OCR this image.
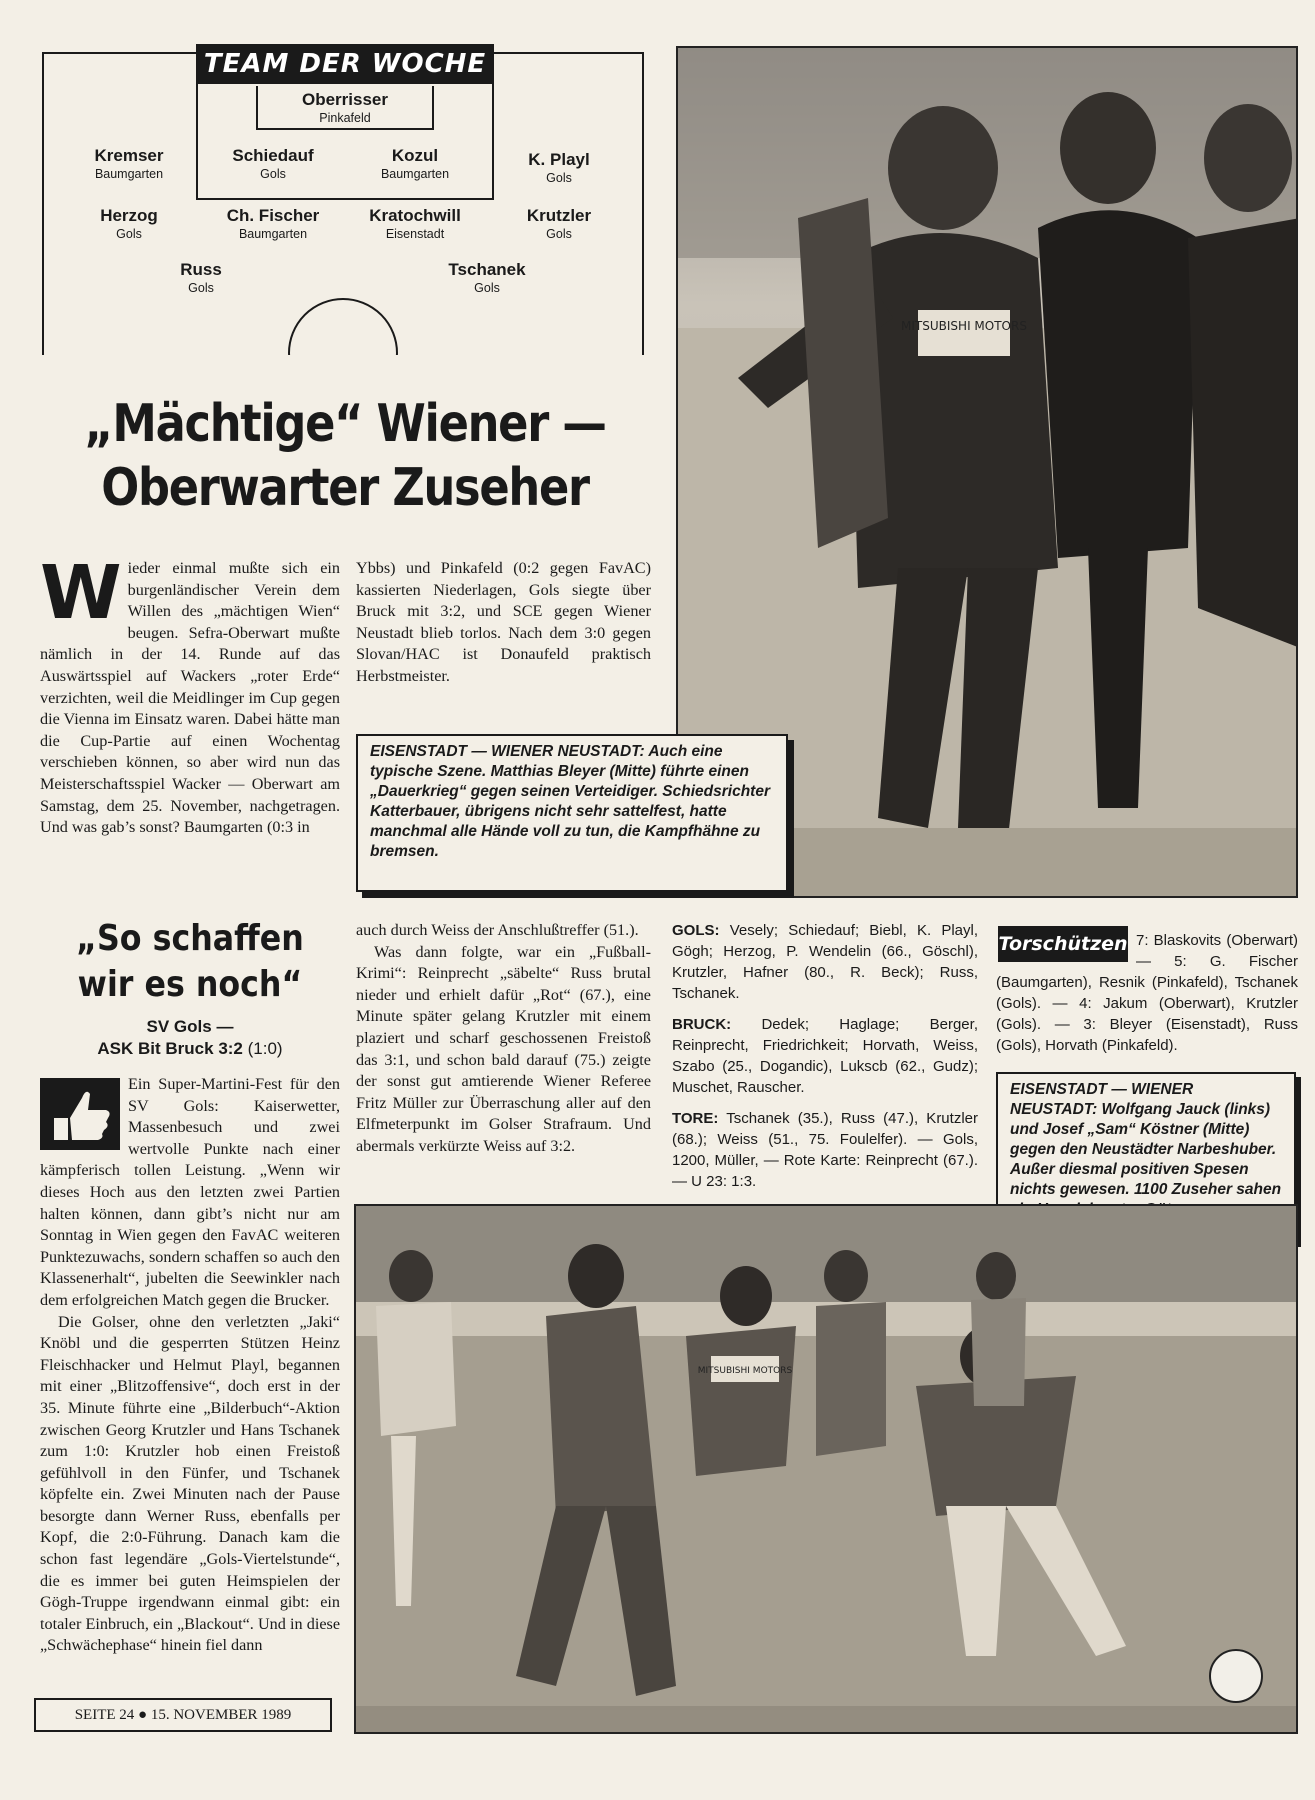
TEAM DER WOCHE
Oberrisser
Pinkafeld
Kremser
Baumgarten
Schiedauf
Gols
Kozul
Baumgarten
K. Playl
Gols
Herzog
Gols
Ch. Fischer
Baumgarten
Kratochwill
Eisenstadt
Krutzler
Gols
Russ
Gols
Tschanek
Gols
„Mächtige“ Wiener —
Oberwarter Zuseher
W ieder einmal mußte sich ein burgenländischer Verein dem Willen des „mächtigen Wien“ beugen. Sefra-Oberwart mußte nämlich in der 14. Runde auf das Auswärtsspiel auf Wackers „roter Erde“ verzichten, weil die Meidlinger im Cup gegen die Vienna im Einsatz waren. Dabei hätte man die Cup-Partie auf einen Wochentag verschieben können, so aber wird nun das Meisterschaftsspiel Wacker — Oberwart am Samstag, dem 25. November, nachgetragen. Und was gab’s sonst? Baumgarten (0:3 in

Ybbs) und Pinkafeld (0:2 gegen FavAC) kassierten Niederlagen, Gols siegte über Bruck mit 3:2, und SCE gegen Wiener Neustadt blieb torlos. Nach dem 3:0 gegen Slovan/HAC ist Donaufeld praktisch Herbstmeister.

MITSUBISHI MOTORS
EISENSTADT — WIENER NEUSTADT: Auch eine typische Szene. Matthias Bleyer (Mitte) führte einen „Dauerkrieg“ gegen seinen Verteidiger. Schiedsrichter Katterbauer, übrigens nicht sehr sattelfest, hatte manchmal alle Hände voll zu tun, die Kampfhähne zu bremsen.
„So schaffen
wir es noch“
SV Gols —
ASK Bit Bruck 3:2 (1:0)

Ein Super-Martini-Fest für den SV Gols: Kaiserwetter, Massenbesuch und zwei wertvolle Punkte nach einer kämpferisch tollen Leistung. „Wenn wir dieses Hoch aus den letzten zwei Partien halten können, dann gibt’s nicht nur am Sonntag in Wien gegen den FavAC weiteren Punktezuwachs, sondern schaffen so auch den Klassenerhalt“, jubelten die Seewinkler nach dem erfolgreichen Match gegen die Brucker.

Die Golser, ohne den verletzten „Jaki“ Knöbl und die gesperrten Stützen Heinz Fleischhacker und Helmut Playl, begannen mit einer „Blitzoffensive“, doch erst in der 35. Minute führte eine „Bilderbuch“-Aktion zwischen Georg Krutzler und Hans Tschanek zum 1:0: Krutzler hob einen Freistoß gefühlvoll in den Fünfer, und Tschanek köpfelte ein. Zwei Minuten nach der Pause besorgte dann Werner Russ, ebenfalls per Kopf, die 2:0-Führung. Danach kam die schon fast legendäre „Gols-Viertelstunde“, die es immer bei guten Heimspielen der Gögh-Truppe irgendwann einmal gibt: ein totaler Einbruch, ein „Blackout“. Und in diese „Schwächephase“ hinein fiel dann

auch durch Weiss der Anschlußtreffer (51.).

Was dann folgte, war ein „Fußball-Krimi“: Reinprecht „säbelte“ Russ brutal nieder und erhielt dafür „Rot“ (67.), eine Minute später gelang Krutzler mit einem plaziert und scharf geschossenen Freistoß das 3:1, und schon bald darauf (75.) zeigte der sonst gut amtierende Wiener Referee Fritz Müller zur Überraschung aller auf den Elfmeterpunkt im Golser Strafraum. Und abermals verkürzte Weiss auf 3:2.

GOLS: Vesely; Schiedauf; Biebl, K. Playl, Gögh; Herzog, P. Wendelin (66., Göschl), Krutzler, Hafner (80., R. Beck); Russ, Tschanek.

BRUCK: Dedek; Haglage; Berger, Reinprecht, Friedrichkeit; Horvath, Weiss, Szabo (25., Dogandic), Lukscb (62., Gudz); Muschet, Rauscher.

TORE: Tschanek (35.), Russ (47.), Krutzler (68.); Weiss (51., 75. Foulelfer). — Gols, 1200, Müller, — Rote Karte: Reinprecht (67.). — U 23: 1:3.

7: Blaskovits (Oberwart) — 5: G. Fischer (Baumgarten), Resnik (Pinkafeld), Tschanek (Gols). — 4: Jakum (Oberwart), Krutzler (Gols). — 3: Bleyer (Eisenstadt), Russ (Gols), Horvath (Pinkafeld).
Torschützen
EISENSTADT — WIENER NEUSTADT: Wolfgang Jauck (links) und Josef „Sam“ Köstner (Mitte) gegen den Neustädter Narbeshuber. Außer diesmal positiven Spesen nichts gewesen. 1100 Zuseher sahen
MITSUBISHI MOTORS
SEITE 24 ● 15. NOVEMBER 1989
